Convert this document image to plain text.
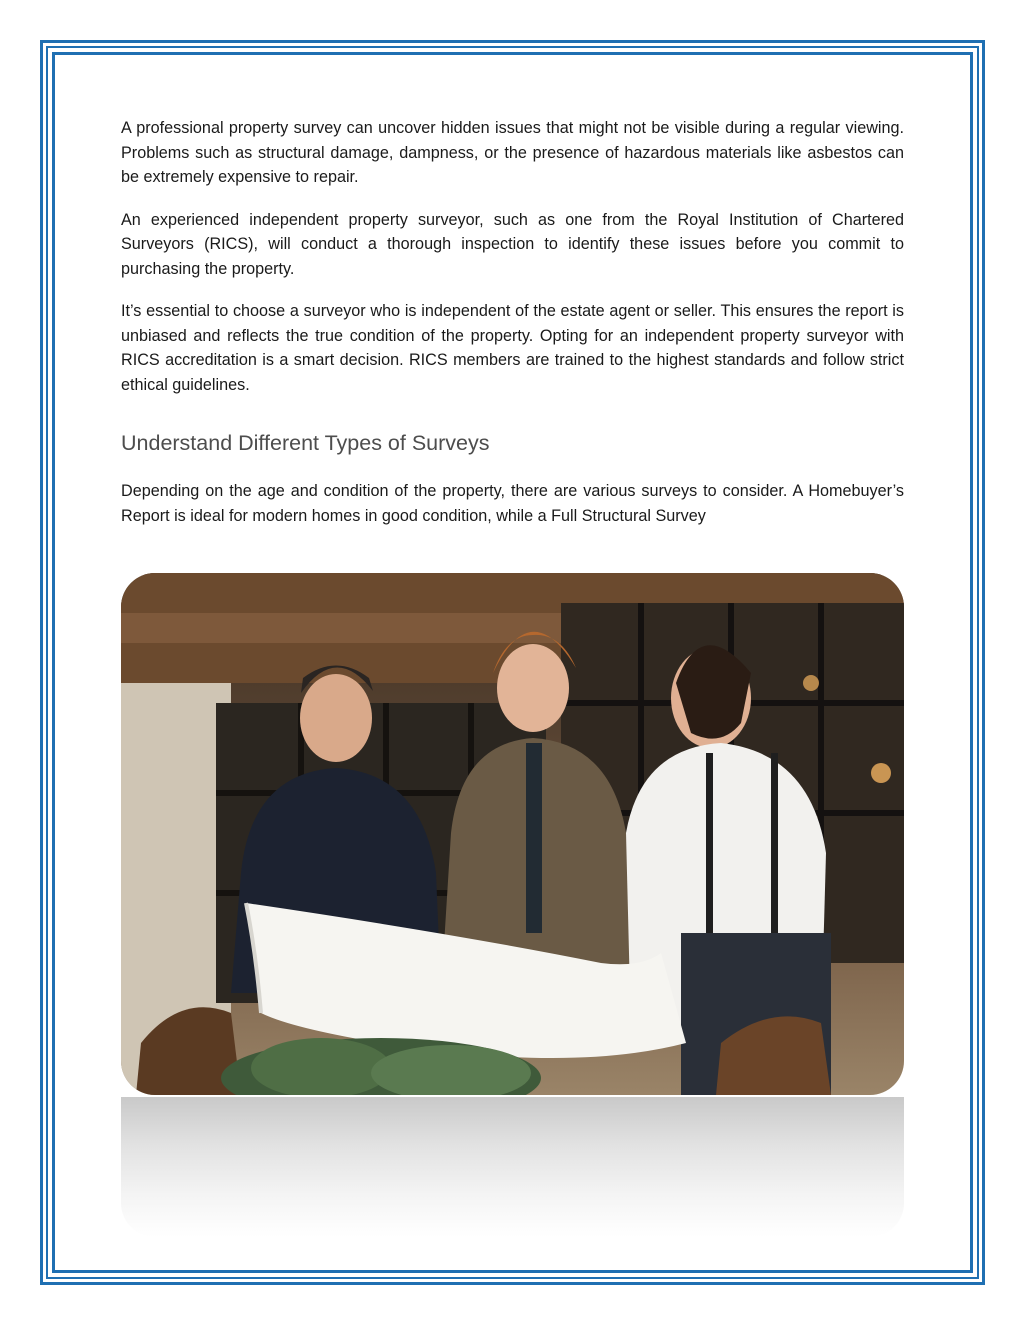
A professional property survey can uncover hidden issues that might not be visible during a regular viewing. Problems such as structural damage, dampness, or the presence of hazardous materials like asbestos can be extremely expensive to repair.

An experienced independent property surveyor, such as one from the Royal Institution of Chartered Surveyors (RICS), will conduct a thorough inspection to identify these issues before you commit to purchasing the property.

It’s essential to choose a surveyor who is independent of the estate agent or seller. This ensures the report is unbiased and reflects the true condition of the property. Opting for an independent property surveyor with RICS accreditation is a smart decision. RICS members are trained to the highest standards and follow strict ethical guidelines.

Understand Different Types of Surveys

Depending on the age and condition of the property, there are various surveys to consider. A Homebuyer’s Report is ideal for modern homes in good condition, while a Full Structural Survey
